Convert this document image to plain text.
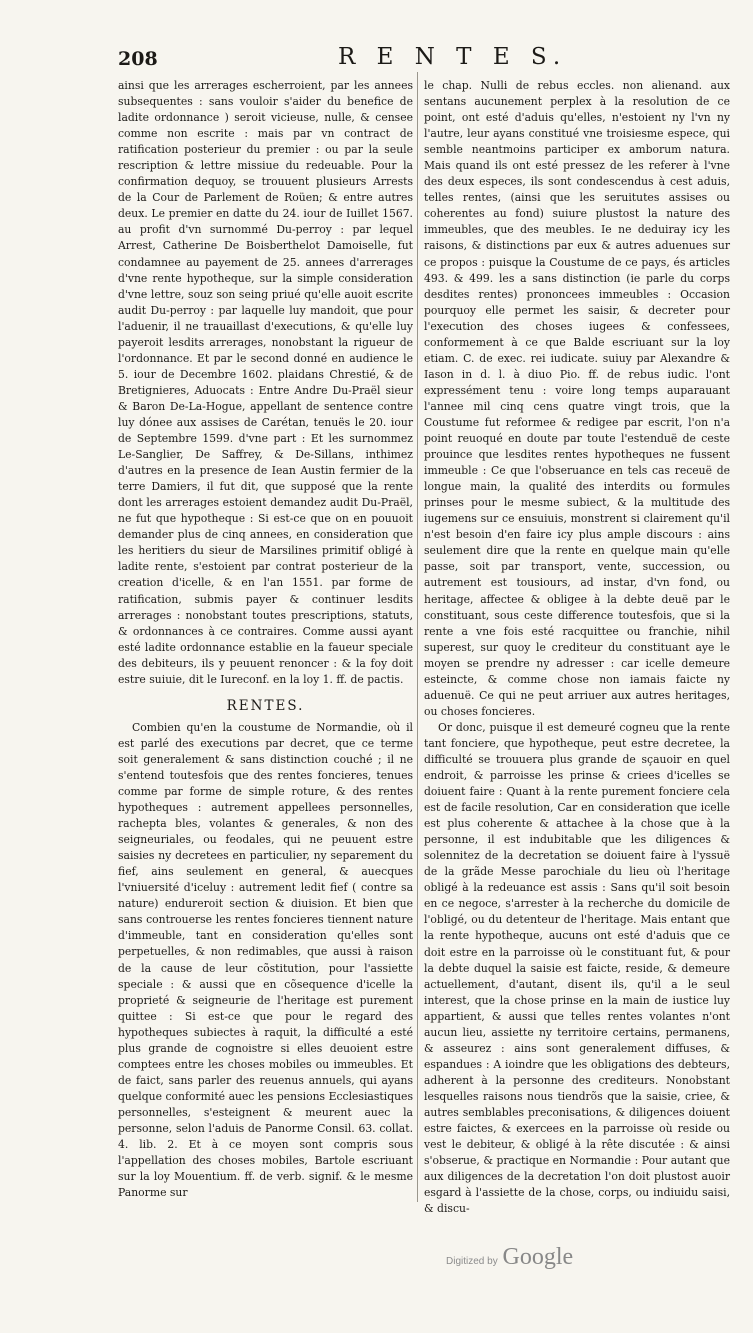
208	R E N T E S.

ainsi que les arrerages escherroient, par les annees subsequentes : sans vouloir s'aider du benefice de ladite ordonnance ) seroit vicieuse, nulle, & censee comme non escrite : mais par vn contract de ratification posterieur du premier : ou par la seule rescription & lettre missiue du redeuable. Pour la confirmation dequoy, se trouuent plusieurs Arrests de la Cour de Parlement de Roüen; & entre autres deux. Le premier en datte du 24. iour de Iuillet 1567. au profit d'vn surnommé Du-perroy : par lequel Arrest, Catherine De Boisberthelot Damoiselle, fut condamnee au payement de 25. annees d'arrerages d'vne rente hypotheque, sur la simple consideration d'vne lettre, souz son seing priué qu'elle auoit escrite audit Du-perroy : par laquelle luy mandoit, que pour l'aduenir, il ne trauaillast d'executions, & qu'elle luy payeroit lesdits arrerages, nonobstant la rigueur de l'ordonnance. Et par le second donné en audience le 5. iour de Decembre 1602. plaidans Chrestié, & de Bretignieres, Aduocats : Entre Andre Du-Praël sieur & Baron De-La-Hogue, appellant de sentence contre luy dónee aux assises de Carétan, tenuës le 20. iour de Septembre 1599. d'vne part : Et les surnommez Le-Sanglier, De Saffrey, & De-Sillans, inthimez d'autres en la presence de Iean Austin fermier de la terre Damiers, il fut dit, que supposé que la rente dont les arrerages estoient demandez audit Du-Praël, ne fut que hypotheque : Si est-ce que on en pouuoit demander plus de cinq annees, en consideration que les heritiers du sieur de Marsilines primitif obligé à ladite rente, s'estoient par contrat posterieur de la creation d'icelle, & en l'an 1551. par forme de ratification, submis payer & continuer lesdits arrerages : nonobstant toutes prescriptions, statuts, & ordonnances à ce contraires. Comme aussi ayant esté ladite ordonnance establie en la faueur speciale des debiteurs, ils y peuuent renoncer : & la foy doit estre suiuie, dit le Iureconf. en la loy 1. ff. de pactis.

RENTES.

Combien qu'en la coustume de Normandie, où il est parlé des executions par decret, que ce terme soit generalement & sans distinction couché ; il ne s'entend toutesfois que des rentes foncieres, tenues comme par forme de simple roture, & des rentes hypotheques : autrement appellees personnelles, rachepta bles, volantes & generales, & non des seigneuriales, ou feodales, qui ne peuuent estre saisies ny decretees en particulier, ny separement du fief, ains seulement en general, & auecques l'vniuersité d'iceluy : autrement ledit fief ( contre sa nature) endureroit section & diuision. Et bien que sans controuerse les rentes foncieres tiennent nature d'immeuble, tant en consideration qu'elles sont perpetuelles, & non redimables, que aussi à raison de la cause de leur cõstitution, pour l'assiette speciale : & aussi que en cõsequence d'icelle la proprieté & seigneurie de l'heritage est purement quittee : Si est-ce que pour le regard des hypotheques subiectes à raquit, la difficulté a esté plus grande de cognoistre si elles deuoient estre comptees entre les choses mobiles ou immeubles. Et de faict, sans parler des reuenus annuels, qui ayans quelque conformité auec les pensions Ecclesiastiques personnelles, s'esteignent & meurent auec la personne, selon l'aduis de Panorme Consil. 63. collat. 4. lib. 2. Et à ce moyen sont compris sous l'appellation des choses mobiles, Bartole escriuant sur la loy Mouentium. ff. de verb. signif. & le mesme Panorme sur

le chap. Nulli de rebus eccles. non alienand. aux sentans aucunement perplex à la resolution de ce point, ont esté d'aduis qu'elles, n'estoient ny l'vn ny l'autre, leur ayans constitué vne troisiesme espece, qui semble neantmoins participer ex amborum natura. Mais quand ils ont esté pressez de les referer à l'vne des deux especes, ils sont condescendus à cest aduis, telles rentes, (ainsi que les seruitutes assises ou coherentes au fond) suiure plustost la nature des immeubles, que des meubles. Ie ne deduiray icy les raisons, & distinctions par eux & autres aduenues sur ce propos : puisque la Coustume de ce pays, és articles 493. & 499. les a sans distinction (ie parle du corps desdites rentes) prononcees immeubles : Occasion pourquoy elle permet les saisir, & decreter pour l'execution des choses iugees & confessees, conformement à ce que Balde escriuant sur la loy etiam. C. de exec. rei iudicate. suiuy par Alexandre & Iason in d. l. à diuo Pio. ff. de rebus iudic. l'ont expressément tenu : voire long temps auparauant l'annee mil cinq cens quatre vingt trois, que la Coustume fut reformee & redigee par escrit, l'on n'a point reuoqué en doute par toute l'estenduë de ceste prouince que lesdites rentes hypotheques ne fussent immeuble : Ce que l'obseruance en tels cas receuë de longue main, la qualité des interdits ou formules prinses pour le mesme subiect, & la multitude des iugemens sur ce ensuiuis, monstrent si clairement qu'il n'est besoin d'en faire icy plus ample discours : ains seulement dire que la rente en quelque main qu'elle passe, soit par transport, vente, succession, ou autrement est tousiours, ad instar, d'vn fond, ou heritage, affectee & obligee à la debte deuë par le constituant, sous ceste difference toutesfois, que si la rente a vne fois esté racquittee ou franchie, nihil superest, sur quoy le crediteur du constituant aye le moyen se prendre ny adresser : car icelle demeure esteincte, & comme chose non iamais faicte ny aduenuë. Ce qui ne peut arriuer aux autres heritages, ou choses foncieres.

Or donc, puisque il est demeuré cogneu que la rente tant fonciere, que hypotheque, peut estre decretee, la difficulté se trouuera plus grande de sçauoir en quel endroit, & parroisse les prinse & criees d'icelles se doiuent faire : Quant à la rente purement fonciere cela est de facile resolution, Car en consideration que icelle est plus coherente & attachee à la chose que à la personne, il est indubitable que les diligences & solennitez de la decretation se doiuent faire à l'yssuë de la grãde Messe parochiale du lieu où l'heritage obligé à la redeuance est assis : Sans qu'il soit besoin en ce negoce, s'arrester à la recherche du domicile de l'obligé, ou du detenteur de l'heritage. Mais entant que la rente hypotheque, aucuns ont esté d'aduis que ce doit estre en la parroisse où le constituant fut, & pour la debte duquel la saisie est faicte, reside, & demeure actuellement, d'autant, disent ils, qu'il a le seul interest, que la chose prinse en la main de iustice luy appartient, & aussi que telles rentes volantes n'ont aucun lieu, assiette ny territoire certains, permanens, & asseurez : ains sont generalement diffuses, & espandues : A ioindre que les obligations des debteurs, adherent à la personne des crediteurs. Nonobstant lesquelles raisons nous tiendrõs que la saisie, criee, & autres semblables preconisations, & diligences doiuent estre faictes, & exercees en la parroisse où reside ou vest le debiteur, & obligé à la rête discutée : & ainsi s'obserue, & practique en Normandie : Pour autant que aux diligences de la decretation l'on doit plustost auoir esgard à l'assiette de la chose, corps, ou indiuidu saisi, & discu-

Digitized by Google
